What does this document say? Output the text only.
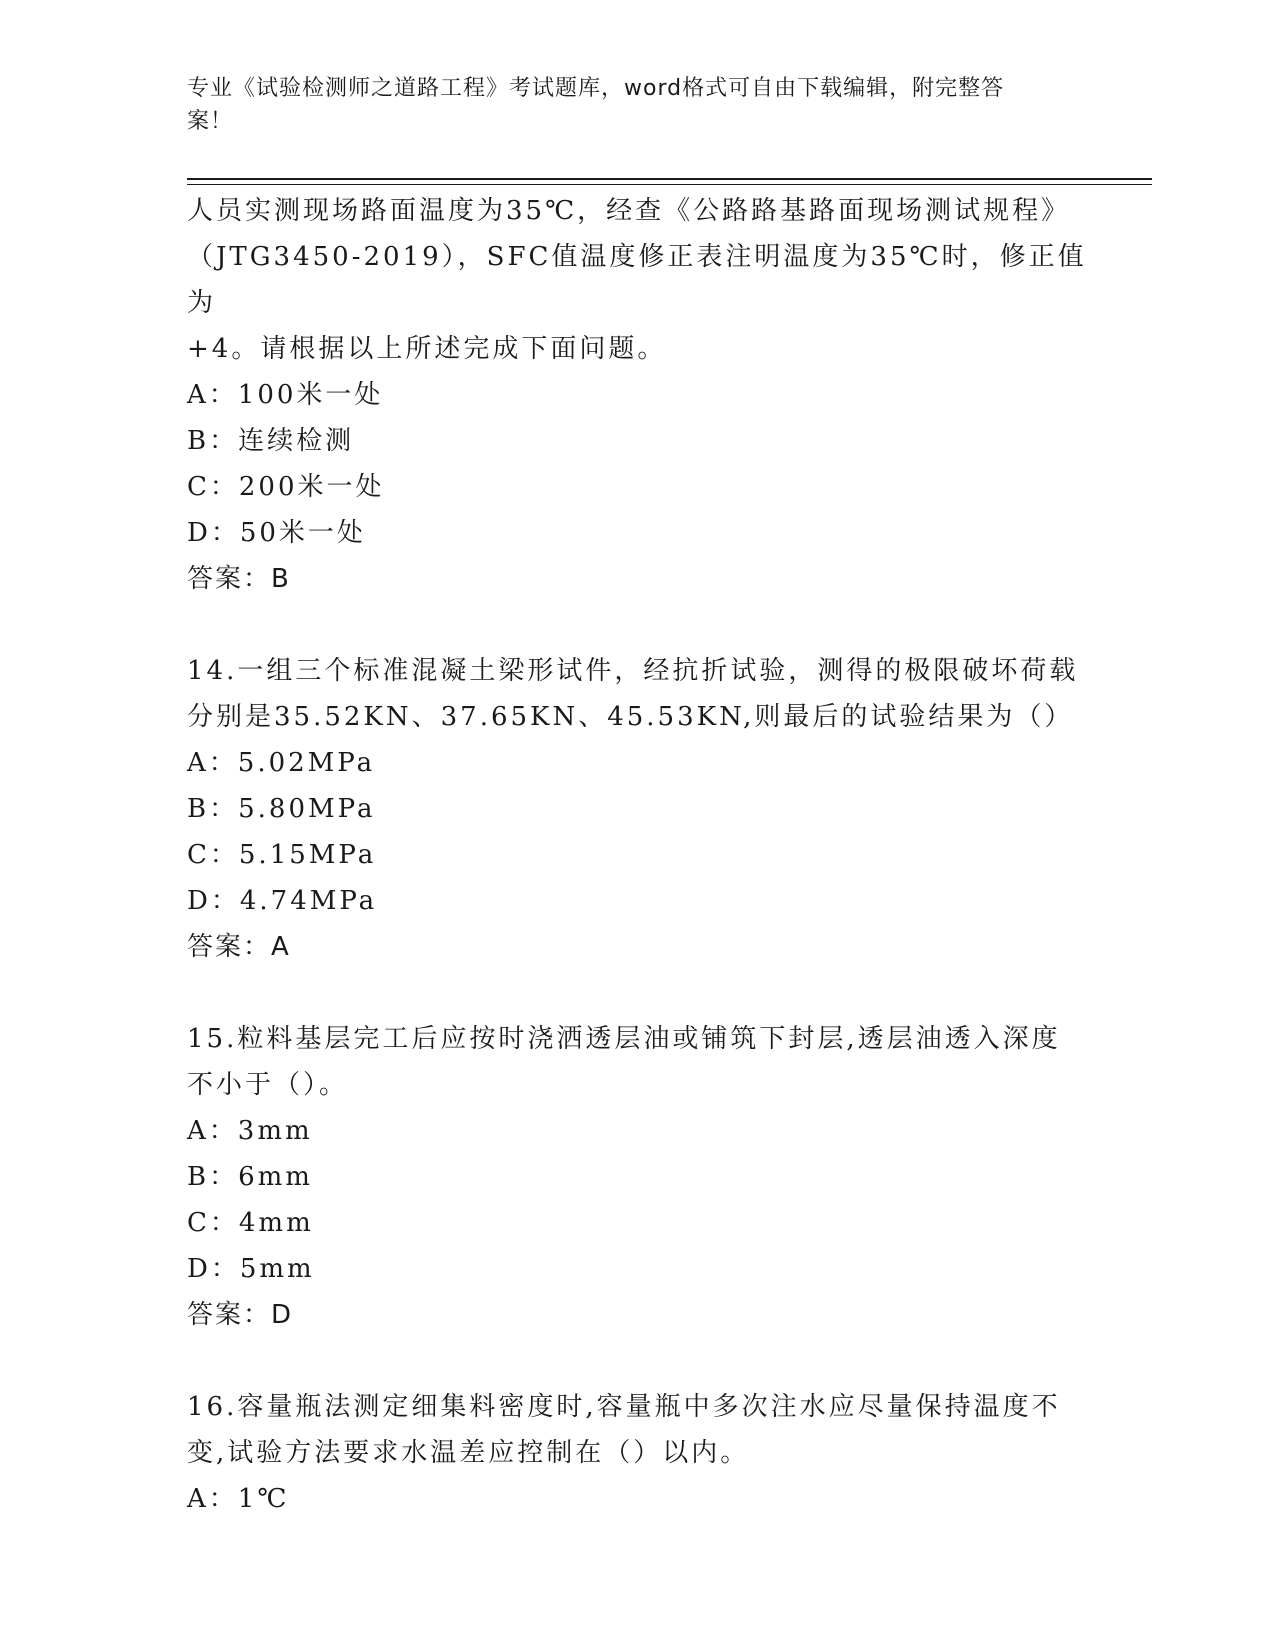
专业《试验检测师之道路工程》考试题库，word格式可自由下载编辑，附完整答
案！

人员实测现场路面温度为35℃，经查《公路路基路面现场测试规程》

（JTG3450-2019），SFC值温度修正表注明温度为35℃时，修正值为

+4。请根据以上所述完成下面问题。

A：100米一处

B：连续检测

C：200米一处

D：50米一处

答案：B

14.一组三个标准混凝土梁形试件，经抗折试验，测得的极限破坏荷载

分别是35.52KN、37.65KN、45.53KN,则最后的试验结果为（）

A：5.02MPa

B：5.80MPa

C：5.15MPa

D：4.74MPa

答案：A

15.粒料基层完工后应按时浇洒透层油或铺筑下封层,透层油透入深度

不小于（）。

A：3mm

B：6mm

C：4mm

D：5mm

答案：D

16.容量瓶法测定细集料密度时,容量瓶中多次注水应尽量保持温度不

变,试验方法要求水温差应控制在（）以内。

A：1℃
